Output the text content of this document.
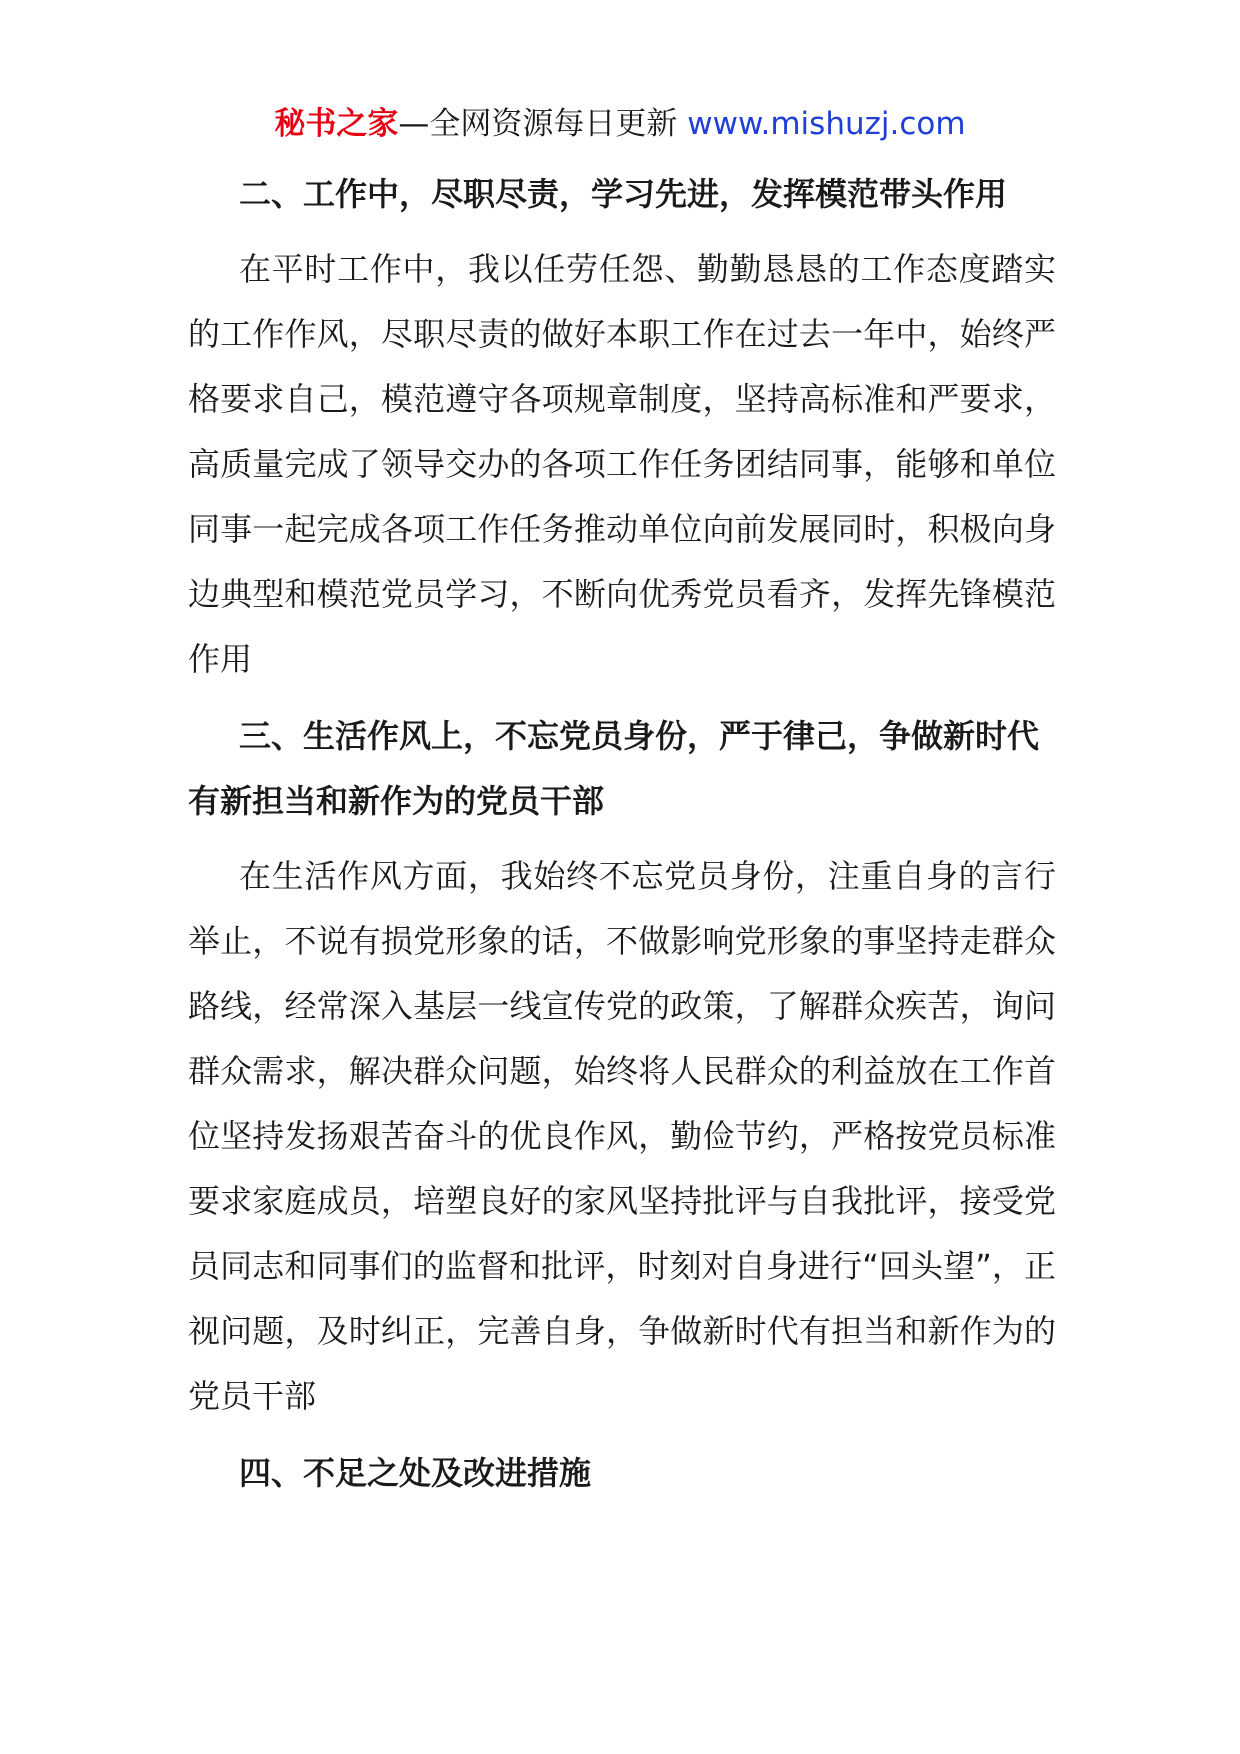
秘书之家—全网资源每日更新 www.mishuzj.com

二、工作中，尽职尽责，学习先进，发挥模范带头作用

在平时工作中，我以任劳任怨、勤勤恳恳的工作态度踏实的工作作风，尽职尽责的做好本职工作在过去一年中，始终严格要求自己，模范遵守各项规章制度，坚持高标准和严要求，高质量完成了领导交办的各项工作任务团结同事，能够和单位同事一起完成各项工作任务推动单位向前发展同时，积极向身边典型和模范党员学习，不断向优秀党员看齐，发挥先锋模范作用

三、生活作风上，不忘党员身份，严于律己，争做新时代有新担当和新作为的党员干部

在生活作风方面，我始终不忘党员身份，注重自身的言行举止，不说有损党形象的话，不做影响党形象的事坚持走群众路线，经常深入基层一线宣传党的政策，了解群众疾苦，询问群众需求，解决群众问题，始终将人民群众的利益放在工作首位坚持发扬艰苦奋斗的优良作风，勤俭节约，严格按党员标准要求家庭成员，培塑良好的家风坚持批评与自我批评，接受党员同志和同事们的监督和批评，时刻对自身进行“回头望”，正视问题，及时纠正，完善自身，争做新时代有担当和新作为的党员干部

四、不足之处及改进措施
